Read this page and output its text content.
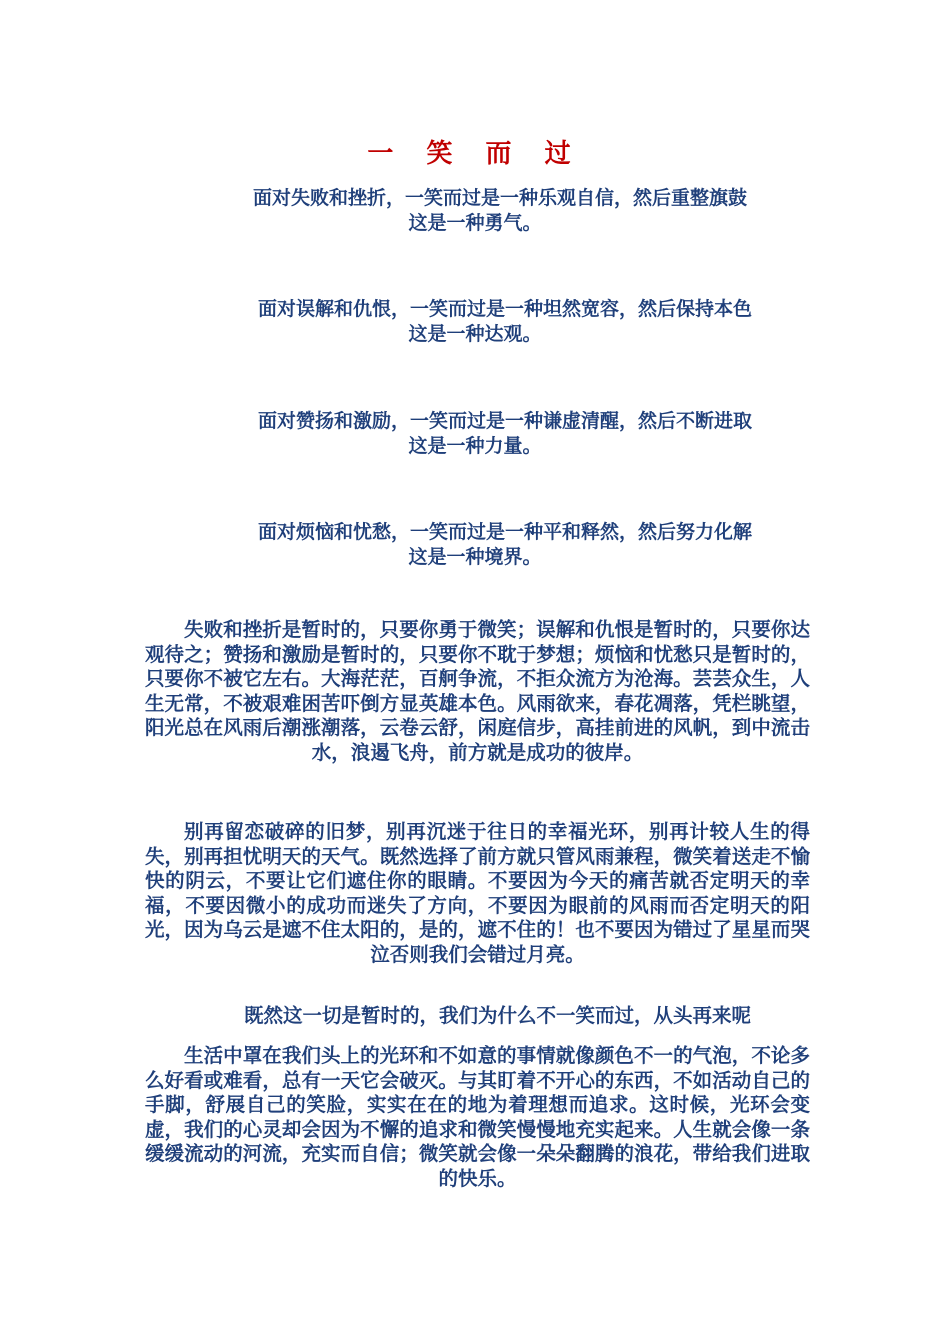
一 笑 而 过
面对失败和挫折，一笑而过是一种乐观自信，然后重整旗鼓
这是一种勇气。
面对误解和仇恨，一笑而过是一种坦然宽容，然后保持本色
这是一种达观。
面对赞扬和激励，一笑而过是一种谦虚清醒，然后不断进取
这是一种力量。
面对烦恼和忧愁，一笑而过是一种平和释然，然后努力化解
这是一种境界。

失败和挫折是暂时的，只要你勇于微笑；误解和仇恨是暂时的，只要你达观待之；赞扬和激励是暂时的，只要你不耽于梦想；烦恼和忧愁只是暂时的，只要你不被它左右。大海茫茫，百舸争流，不拒众流方为沧海。芸芸众生，人生无常，不被艰难困苦吓倒方显英雄本色。风雨欲来，春花凋落，凭栏眺望，阳光总在风雨后潮涨潮落，云卷云舒，闲庭信步，高挂前进的风帆，到中流击水，浪遏飞舟，前方就是成功的彼岸。

别再留恋破碎的旧梦，别再沉迷于往日的幸福光环，别再计较人生的得失，别再担忧明天的天气。既然选择了前方就只管风雨兼程，微笑着送走不愉快的阴云，不要让它们遮住你的眼睛。不要因为今天的痛苦就否定明天的幸福，不要因微小的成功而迷失了方向，不要因为眼前的风雨而否定明天的阳光，因为乌云是遮不住太阳的，是的，遮不住的！也不要因为错过了星星而哭泣否则我们会错过月亮。

既然这一切是暂时的，我们为什么不一笑而过，从头再来呢

生活中罩在我们头上的光环和不如意的事情就像颜色不一的气泡，不论多么好看或难看，总有一天它会破灭。与其盯着不开心的东西，不如活动自己的手脚，舒展自己的笑脸，实实在在的地为着理想而追求。这时候，光环会变虚，我们的心灵却会因为不懈的追求和微笑慢慢地充实起来。人生就会像一条缓缓流动的河流，充实而自信；微笑就会像一朵朵翻腾的浪花，带给我们进取的快乐。
